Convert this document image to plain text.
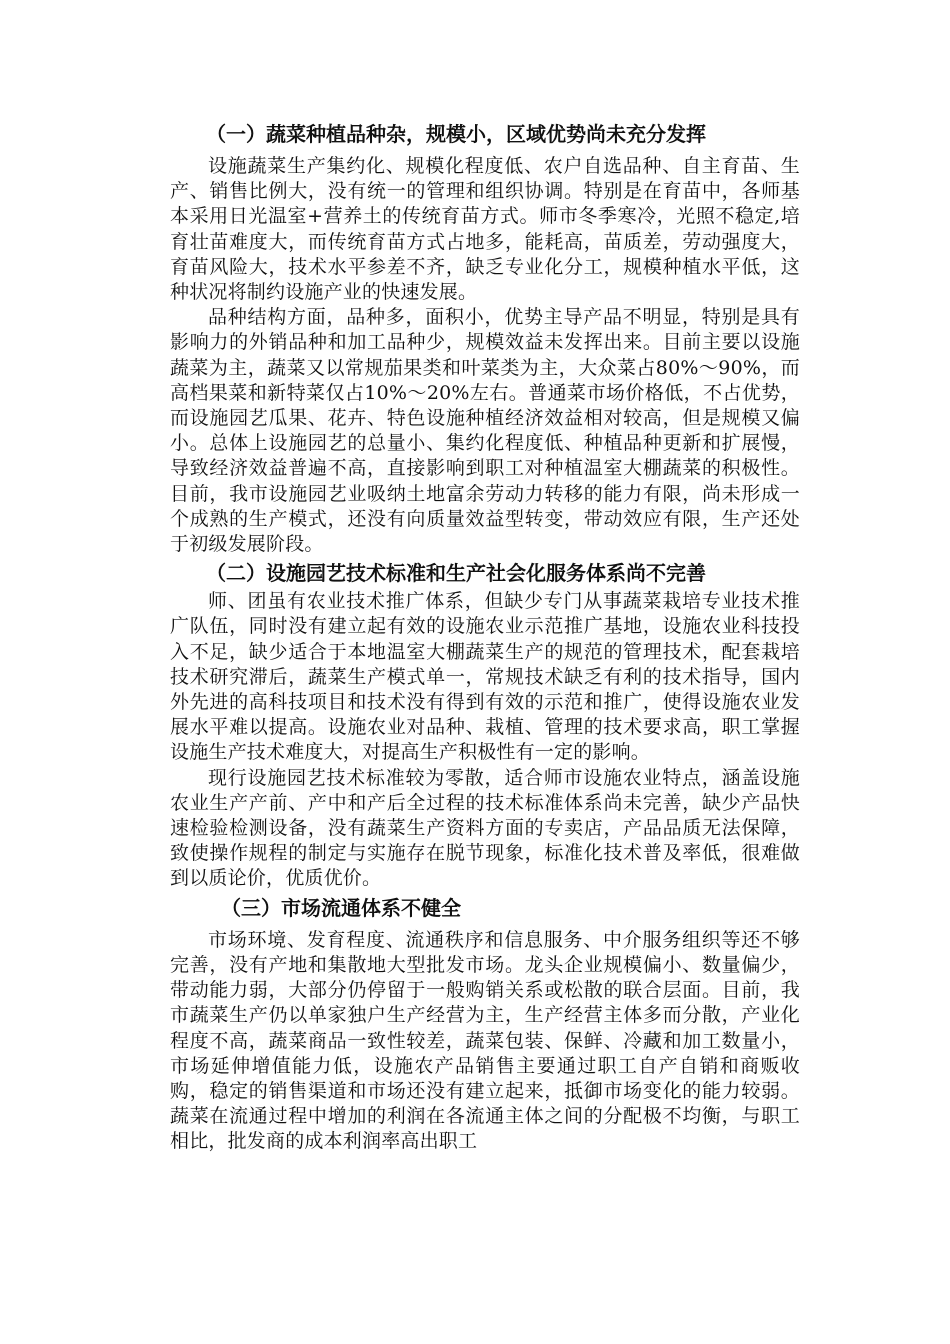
（一）蔬菜种植品种杂，规模小，区域优势尚未充分发挥

设施蔬菜生产集约化、规模化程度低、农户自选品种、自主育苗、生产、销售比例大，没有统一的管理和组织协调。特别是在育苗中，各师基本采用日光温室+营养土的传统育苗方式。师市冬季寒冷，光照不稳定,培育壮苗难度大，而传统育苗方式占地多，能耗高，苗质差，劳动强度大，育苗风险大，技术水平参差不齐，缺乏专业化分工，规模种植水平低，这种状况将制约设施产业的快速发展。

品种结构方面，品种多，面积小，优势主导产品不明显，特别是具有影响力的外销品种和加工品种少，规模效益未发挥出来。目前主要以设施蔬菜为主，蔬菜又以常规茄果类和叶菜类为主，大众菜占80%～90%，而高档果菜和新特菜仅占10%～20%左右。普通菜市场价格低，不占优势，而设施园艺瓜果、花卉、特色设施种植经济效益相对较高，但是规模又偏小。总体上设施园艺的总量小、集约化程度低、种植品种更新和扩展慢，导致经济效益普遍不高，直接影响到职工对种植温室大棚蔬菜的积极性。目前，我市设施园艺业吸纳土地富余劳动力转移的能力有限，尚未形成一个成熟的生产模式，还没有向质量效益型转变，带动效应有限，生产还处于初级发展阶段。

（二）设施园艺技术标准和生产社会化服务体系尚不完善

师、团虽有农业技术推广体系，但缺少专门从事蔬菜栽培专业技术推广队伍，同时没有建立起有效的设施农业示范推广基地，设施农业科技投入不足，缺少适合于本地温室大棚蔬菜生产的规范的管理技术，配套栽培技术研究滞后，蔬菜生产模式单一，常规技术缺乏有利的技术指导，国内外先进的高科技项目和技术没有得到有效的示范和推广，使得设施农业发展水平难以提高。设施农业对品种、栽植、管理的技术要求高，职工掌握设施生产技术难度大，对提高生产积极性有一定的影响。

现行设施园艺技术标准较为零散，适合师市设施农业特点，涵盖设施农业生产产前、产中和产后全过程的技术标准体系尚未完善，缺少产品快速检验检测设备，没有蔬菜生产资料方面的专卖店，产品品质无法保障，致使操作规程的制定与实施存在脱节现象，标准化技术普及率低，很难做到以质论价，优质优价。

（三）市场流通体系不健全

市场环境、发育程度、流通秩序和信息服务、中介服务组织等还不够完善，没有产地和集散地大型批发市场。龙头企业规模偏小、数量偏少，带动能力弱，大部分仍停留于一般购销关系或松散的联合层面。目前，我市蔬菜生产仍以单家独户生产经营为主，生产经营主体多而分散，产业化程度不高，蔬菜商品一致性较差，蔬菜包装、保鲜、冷藏和加工数量小，市场延伸增值能力低，设施农产品销售主要通过职工自产自销和商贩收购，稳定的销售渠道和市场还没有建立起来，抵御市场变化的能力较弱。蔬菜在流通过程中增加的利润在各流通主体之间的分配极不均衡，与职工相比，批发商的成本利润率高出职工
